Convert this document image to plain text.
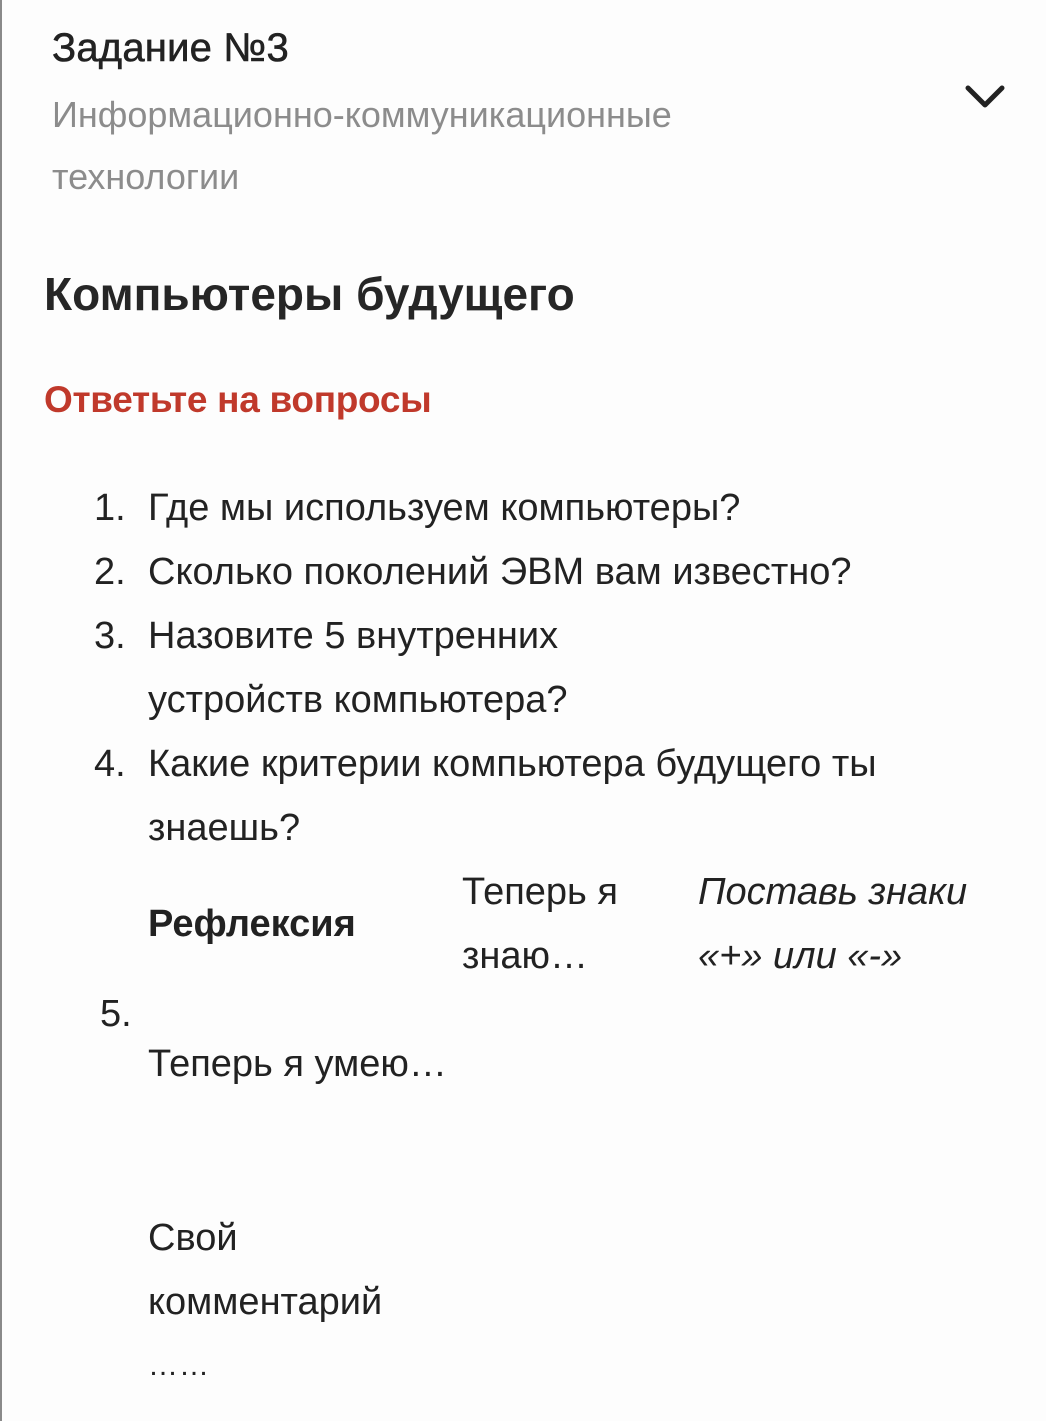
Задание №3
Информационно-коммуникационные технологии
Компьютеры будущего
Ответьте на вопросы
1. Где мы используем компьютеры?
2. Сколько поколений ЭВМ вам известно?
3. Назовите 5 внутренних устройств компьютера?
4. Какие критерии компьютера будущего ты знаешь?
Рефлексия
Теперь я знаю…
Поставь знаки «+» или «-»
5.
Теперь я умею…
Свой комментарий
……
